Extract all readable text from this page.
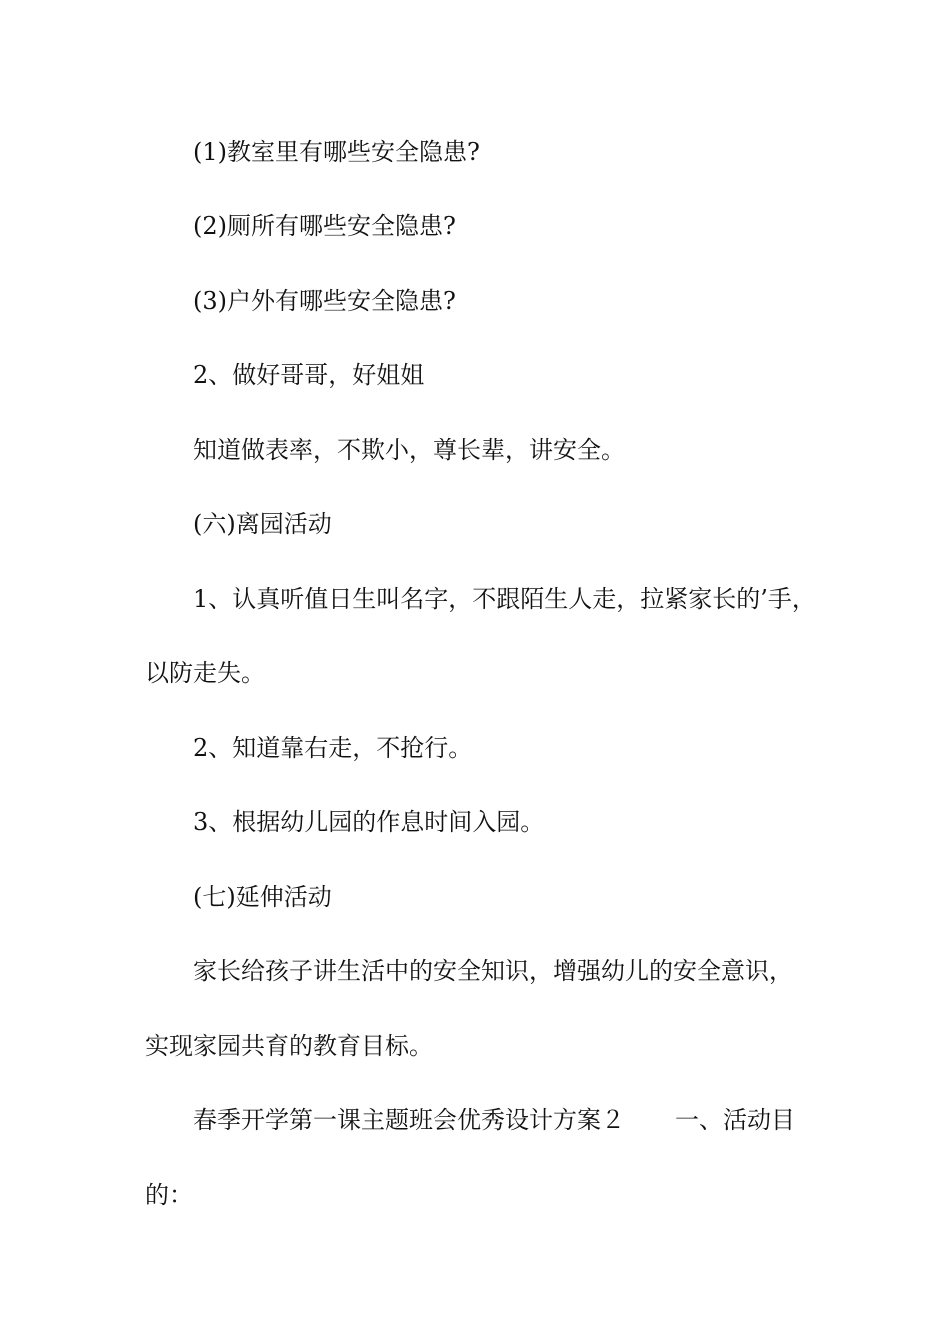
(1)教室里有哪些安全隐患?
(2)厕所有哪些安全隐患?
(3)户外有哪些安全隐患?
2、做好哥哥，好姐姐
知道做表率，不欺小，尊长辈，讲安全。
(六)离园活动
1、认真听值日生叫名字，不跟陌生人走，拉紧家长的’手，
以防走失。
2、知道靠右走，不抢行。
3、根据幼儿园的作息时间入园。
(七)延伸活动
家长给孩子讲生活中的安全知识，增强幼儿的安全意识，
实现家园共育的教育目标。
春季开学第一课主题班会优秀设计方案２ 一、活动目
的：
